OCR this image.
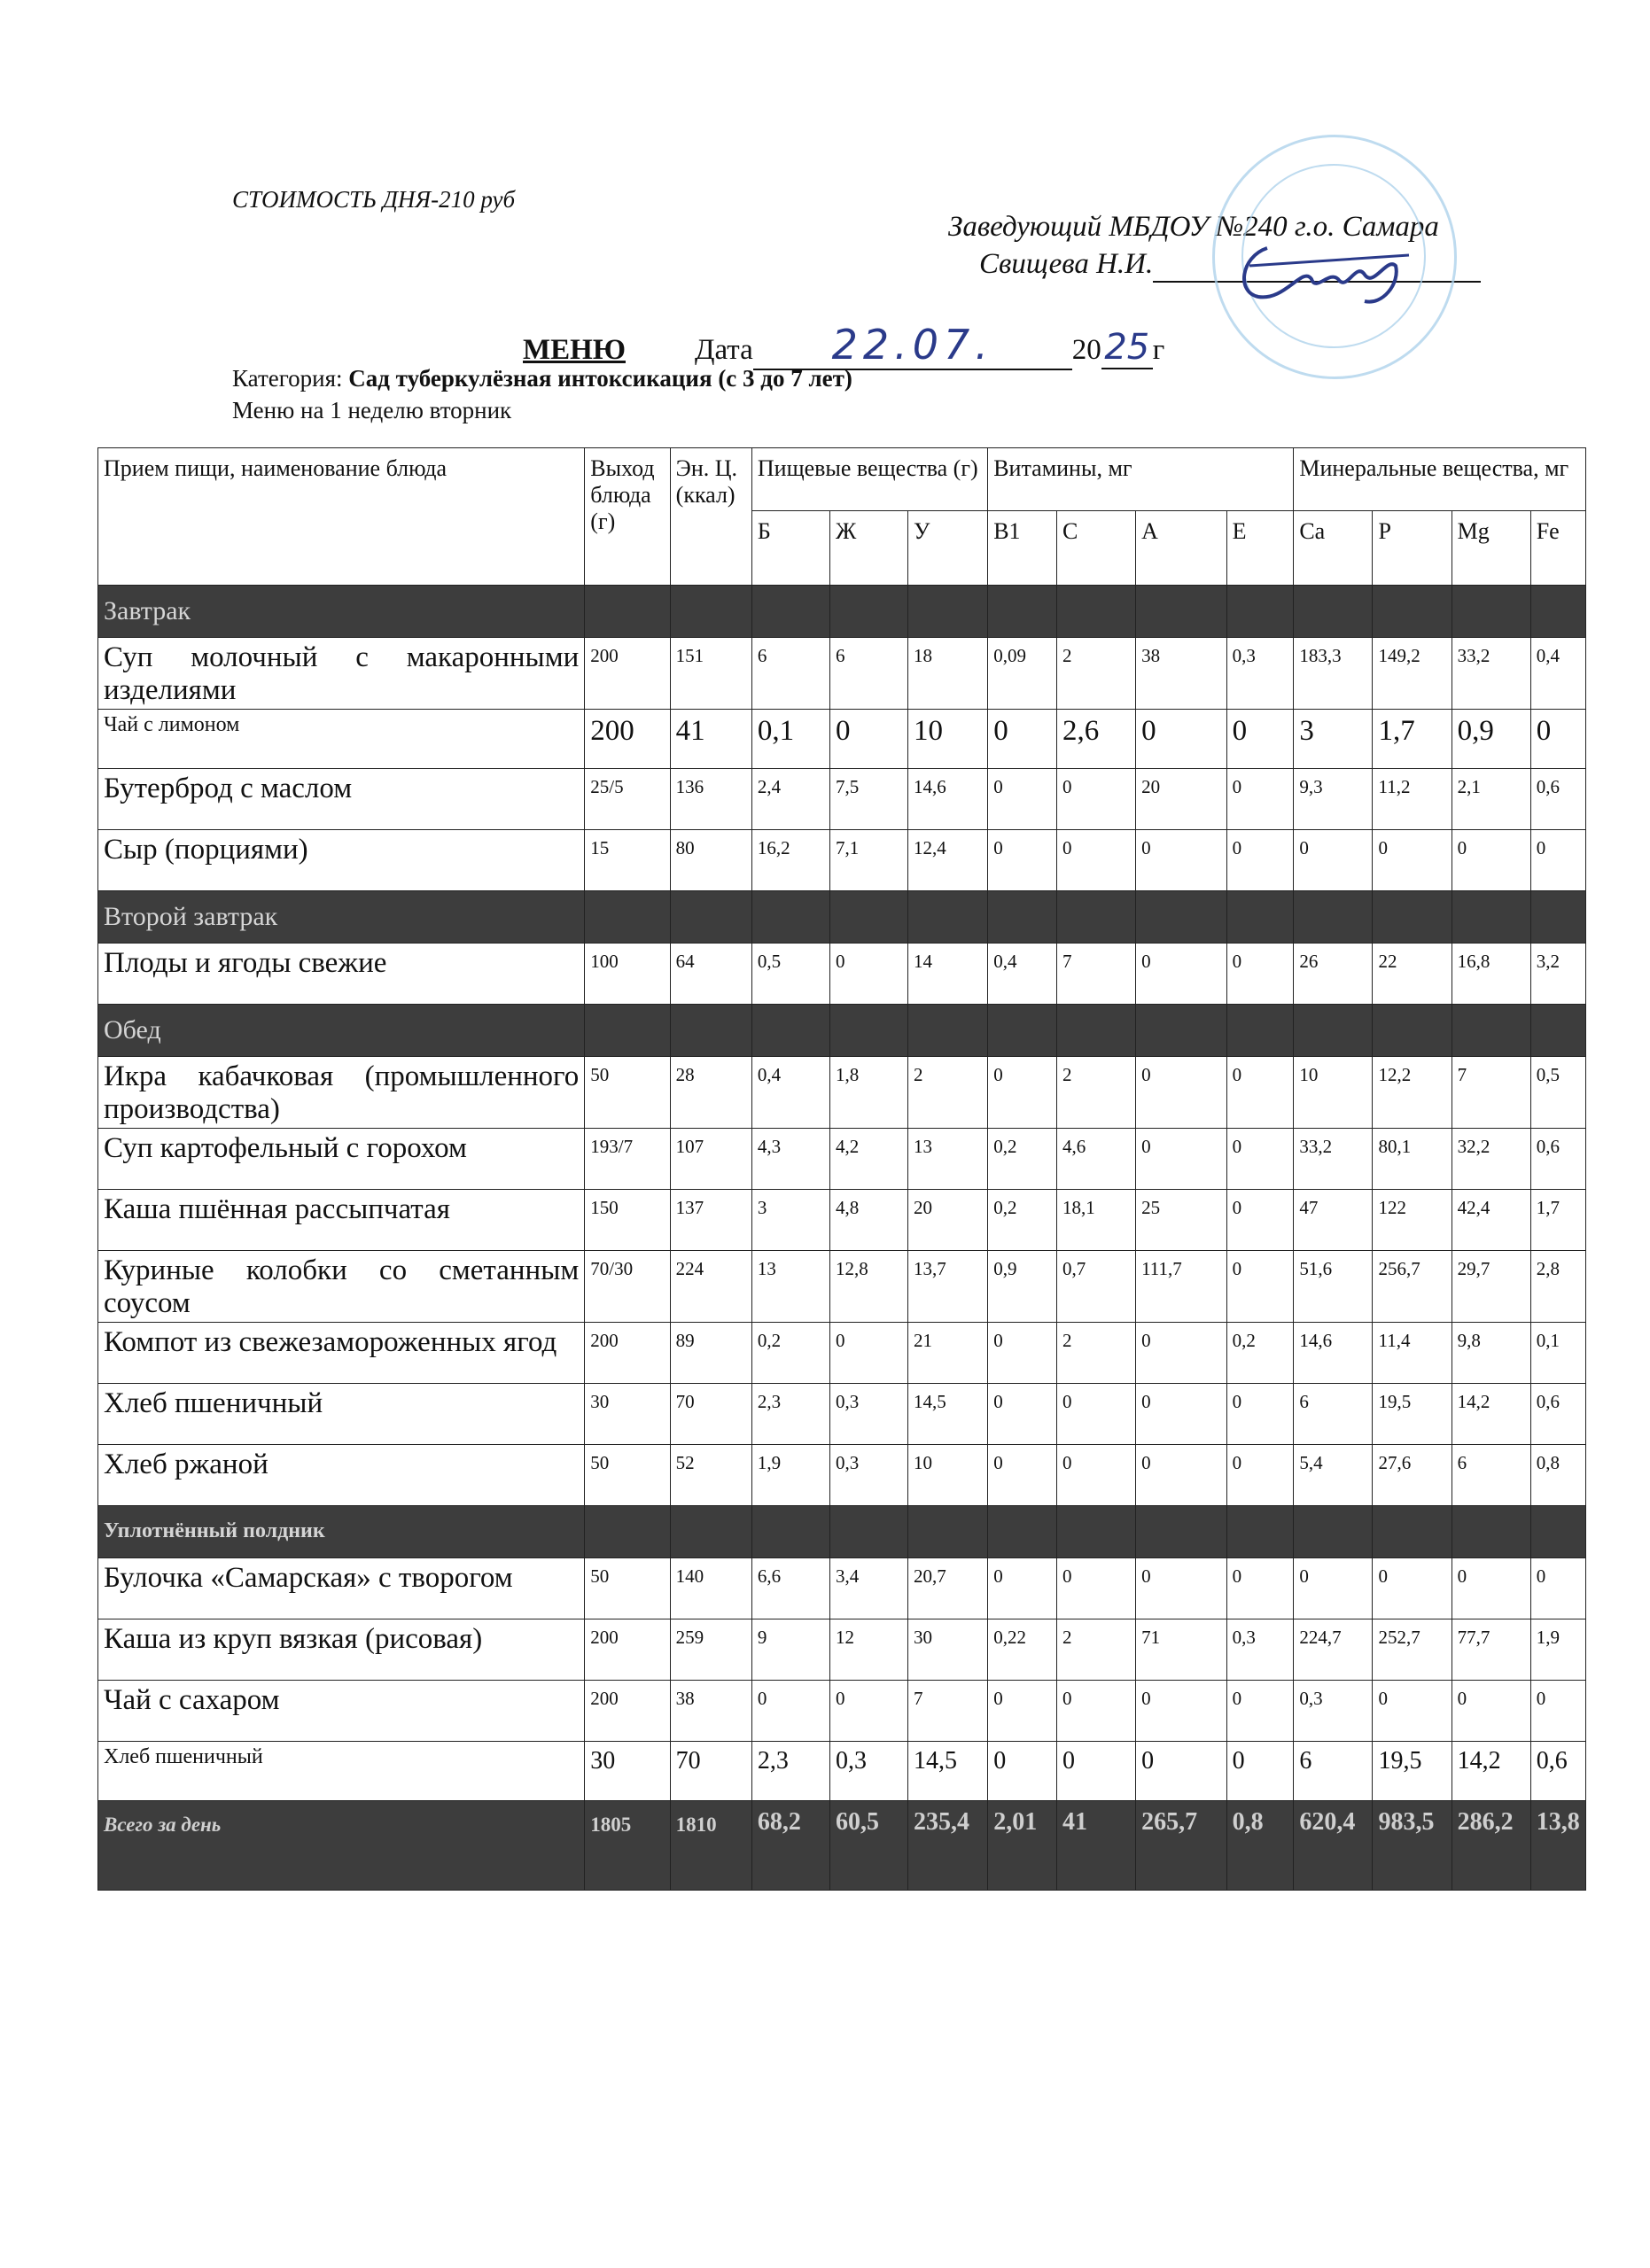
СТОИМОСТЬ ДНЯ-210 руб
Заведующий МБДОУ №240 г.о. Самара
Свищева Н.И.
МЕНЮ Дата 22.07.	2025 г
Категория: Сад туберкулёзная интоксикация (с 3 до 7 лет)
Меню на 1 неделю вторник
Прием пищи, наименование блюда	Выход блюда (г)	Эн. Ц. (ккал)	Пищевые вещества (г)			Витамины, мг				Минеральные вещества, мг			
			Б	Ж	У	В1	С	А	Е	Ca	P	Mg	Fe
Завтрак													
Суп молочный с макаронными изделиями	200	151	6	6	18	0,09	2	38	0,3	183,3	149,2	33,2	0,4
Чай с лимоном	200	41	0,1	0	10	0	2,6	0	0	3	1,7	0,9	0
Бутерброд с маслом	25/5	136	2,4	7,5	14,6	0	0	20	0	9,3	11,2	2,1	0,6
Сыр (порциями)	15	80	16,2	7,1	12,4	0	0	0	0	0	0	0	0
Второй завтрак													
Плоды и ягоды свежие	100	64	0,5	0	14	0,4	7	0	0	26	22	16,8	3,2
Обед													
Икра кабачковая (промышленного производства)	50	28	0,4	1,8	2	0	2	0	0	10	12,2	7	0,5
Суп картофельный с горохом	193/7	107	4,3	4,2	13	0,2	4,6	0	0	33,2	80,1	32,2	0,6
Каша пшённая рассыпчатая	150	137	3	4,8	20	0,2	18,1	25	0	47	122	42,4	1,7
Куриные колобки со сметанным соусом	70/30	224	13	12,8	13,7	0,9	0,7	111,7	0	51,6	256,7	29,7	2,8
Компот из свежезамороженных ягод	200	89	0,2	0	21	0	2	0	0,2	14,6	11,4	9,8	0,1
Хлеб пшеничный	30	70	2,3	0,3	14,5	0	0	0	0	6	19,5	14,2	0,6
Хлеб ржаной	50	52	1,9	0,3	10	0	0	0	0	5,4	27,6	6	0,8
Уплотнённый полдник													
Булочка «Самарская» с творогом	50	140	6,6	3,4	20,7	0	0	0	0	0	0	0	0
Каша из круп вязкая (рисовая)	200	259	9	12	30	0,22	2	71	0,3	224,7	252,7	77,7	1,9
Чай с сахаром	200	38	0	0	7	0	0	0	0	0,3	0	0	0
Хлеб пшеничный	30	70	2,3	0,3	14,5	0	0	0	0	6	19,5	14,2	0,6
Всего за день	1805	1810	68,2	60,5	235,4	2,01	41	265,7	0,8	620,4	983,5	286,2	13,8
